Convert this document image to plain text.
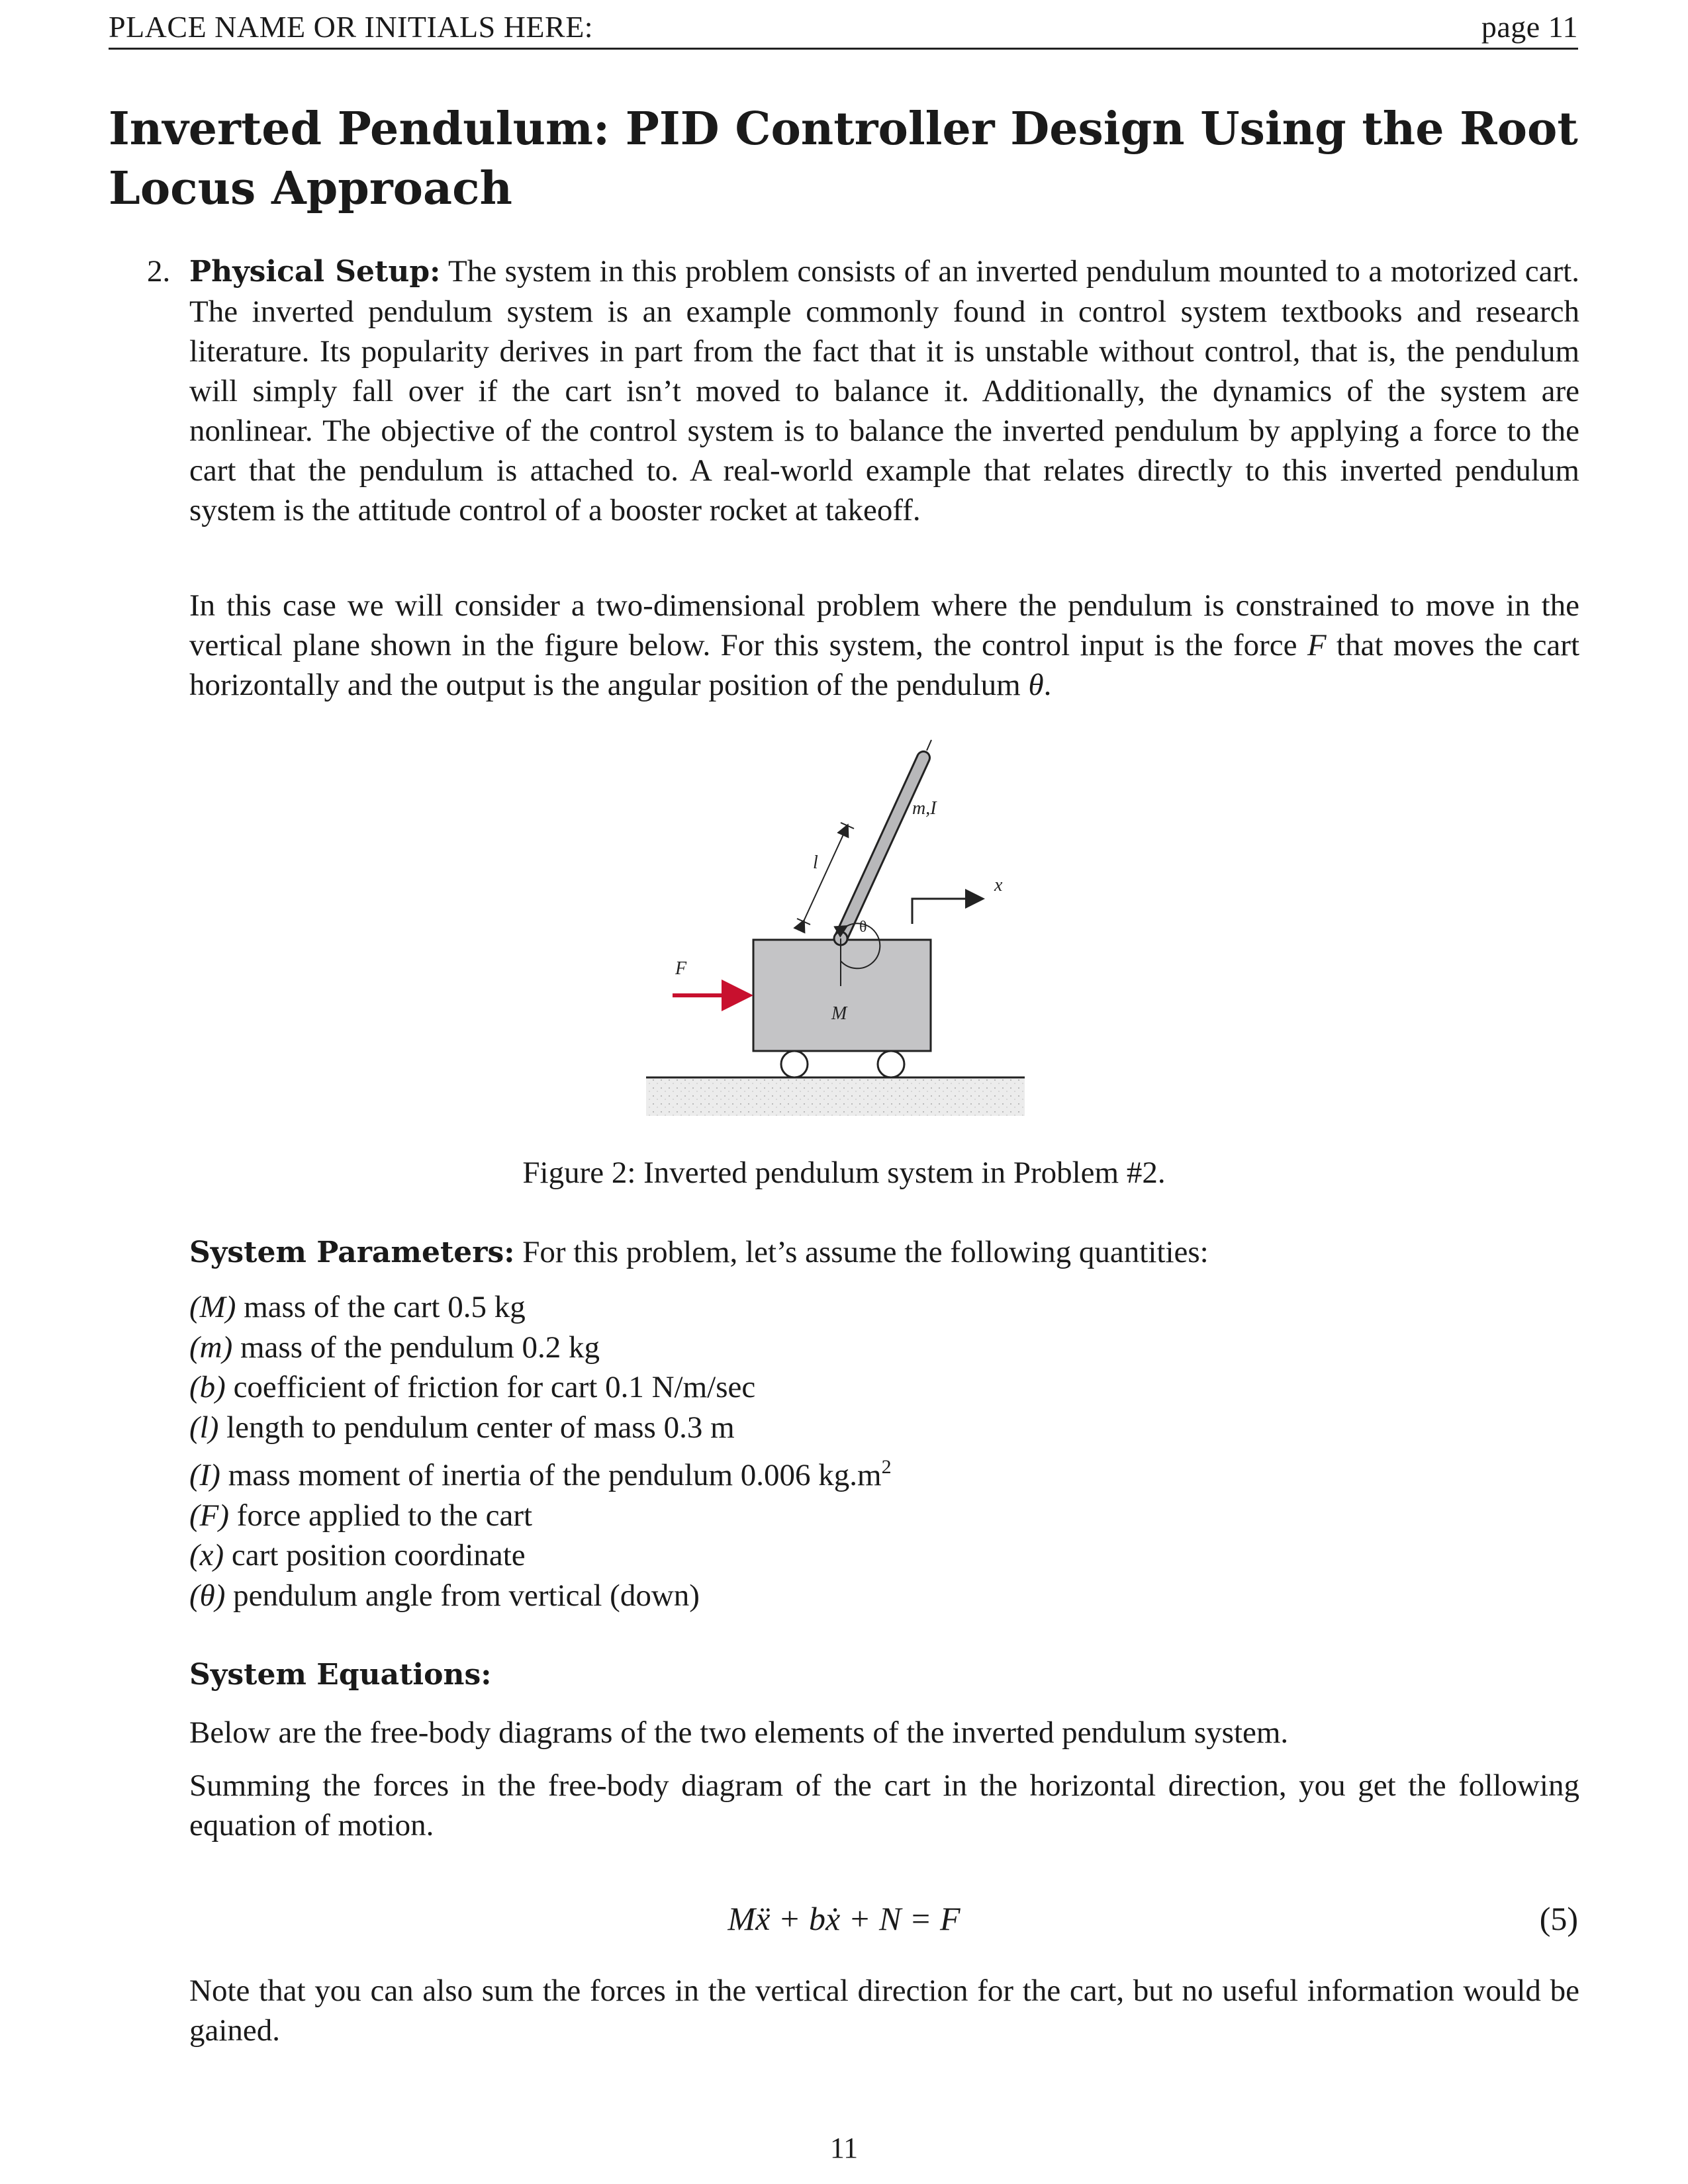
PLACE NAME OR INITIALS HERE:	page 11
Inverted Pendulum: PID Controller Design Using the Root Locus Approach
2. Physical Setup: The system in this problem consists of an inverted pendulum mounted to a motorized cart. The inverted pendulum system is an example commonly found in control system textbooks and research literature. Its popularity derives in part from the fact that it is unstable without control, that is, the pendulum will simply fall over if the cart isn’t moved to balance it. Additionally, the dynamics of the system are nonlinear. The objective of the control system is to balance the inverted pendulum by applying a force to the cart that the pendulum is attached to. A real-world example that relates directly to this inverted pendulum system is the attitude control of a booster rocket at takeoff.
In this case we will consider a two-dimensional problem where the pendulum is constrained to move in the vertical plane shown in the figure below. For this system, the control input is the force F that moves the cart horizontally and the output is the angular position of the pendulum θ.
F
M
m,I
l
θ
x
Figure 2: Inverted pendulum system in Problem #2.
System Parameters: For this problem, let’s assume the following quantities:
(M) mass of the cart 0.5 kg
(m) mass of the pendulum 0.2 kg
(b) coefficient of friction for cart 0.1 N/m/sec
(l) length to pendulum center of mass 0.3 m
(I) mass moment of inertia of the pendulum 0.006 $kg.m^2$
(F) force applied to the cart
(x) cart position coordinate
(θ) pendulum angle from vertical (down)
System Equations:
Below are the free-body diagrams of the two elements of the inverted pendulum system.
Summing the forces in the free-body diagram of the cart in the horizontal direction, you get the following equation of motion.
Mẍ + bẋ + N = F	(5)
Note that you can also sum the forces in the vertical direction for the cart, but no useful information would be gained.
11
